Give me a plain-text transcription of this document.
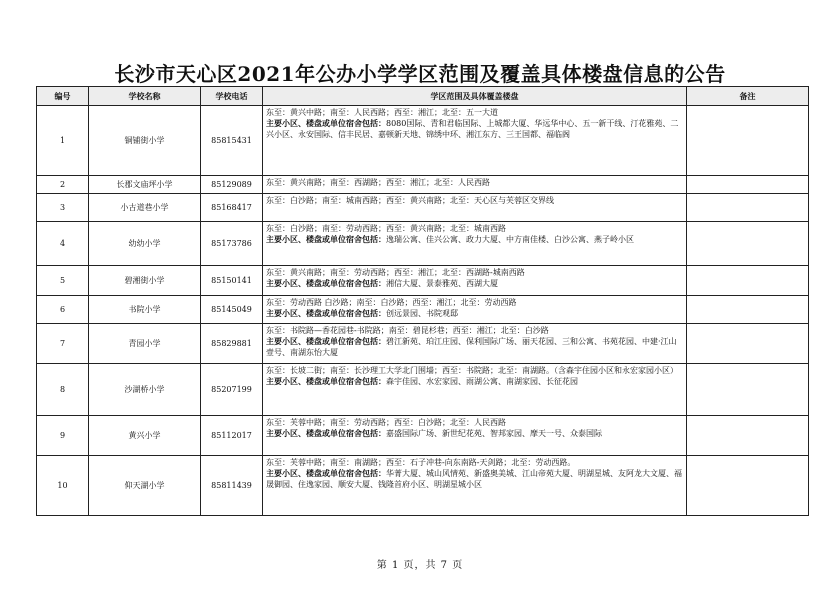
长沙市天心区2021年公办小学学区范围及覆盖具体楼盘信息的公告
编号	学校名称	学校电话	学区范围及具体覆盖楼盘	备注
1	铜铺街小学	85815431	东至：黄兴中路；南至：人民西路；西至：湘江；北至：五一大道
主要小区、楼盘或单位宿舍包括：8080国际、青和君临国际、上城都大厦、华远华中心、五一新干线、汀花雅苑、二兴小区、永安国际、信丰民居、嘉顿新天地、锦绣中环、湘江东方、三王国都、福临阁	

2	长郡文庙坪小学	85129089	东至：黄兴南路；南至：西湖路；西至：湘江；北至：人民西路	

3	小古道巷小学	85168417	东至：白沙路；南至：城南西路；西至：黄兴南路；北至：天心区与芙蓉区交界线	

4	幼幼小学	85173786	东至：白沙路；南至：劳动西路；西至：黄兴南路；北至：城南西路
主要小区、楼盘或单位宿舍包括：逸瑞公寓、佳兴公寓、政力大厦、中方南佳楼、白沙公寓、燕子岭小区	

5	碧湘街小学	85150141	东至：黄兴南路；南至：劳动西路；西至：湘江；北至：西湖路-城南西路
主要小区、楼盘或单位宿舍包括：湘信大厦、景泰雅苑、西湖大厦	

6	书院小学	85145049	东至：劳动西路 白沙路；南至：白沙路；西至：湘江；北至：劳动西路
主要小区、楼盘或单位宿舍包括：创远景园、书院观邸	

7	青园小学	85829881	东至：书院路—香花园巷-书院路；南至：碧昆杉巷；西至：湘江；北至：白沙路
主要小区、楼盘或单位宿舍包括：碧江新苑、珀江庄园、保利国际广场、丽天花园、三和公寓、书苑花园、中建·江山壹号、南湖东怡大厦	

8	沙湖桥小学	85207199	东至：长坡二街；南至：长沙理工大学北门围墙；西至：书院路；北至：南湖路。（含森宇住园小区和永宏家园小区）
主要小区、楼盘或单位宿舍包括：森宇佳园、水宏家园、雨湖公寓、南湖家园、长征花园	

9	黄兴小学	85112017	东至：芙蓉中路；南至：劳动西路；西至：白沙路；北至：人民西路
主要小区、楼盘或单位宿舍包括：嘉盛国际广场、新世纪花苑、智邦家园、摩天一号、众泰国际	

10	仰天湖小学	85811439	东至：芙蓉中路；南至：南湖路；西至：石子冲巷-向东南路-天剑路；北至：劳动西路。
主要小区、楼盘或单位宿舍包括：华菁大厦、城山风情苑、新盛奥美城、江山帝苑大厦、明湖星城、友阿龙大文厦、福晟御园、住逸家园、顺安大厦、钱隆首府小区、明湖星城小区	

第 1 页，共 7 页
